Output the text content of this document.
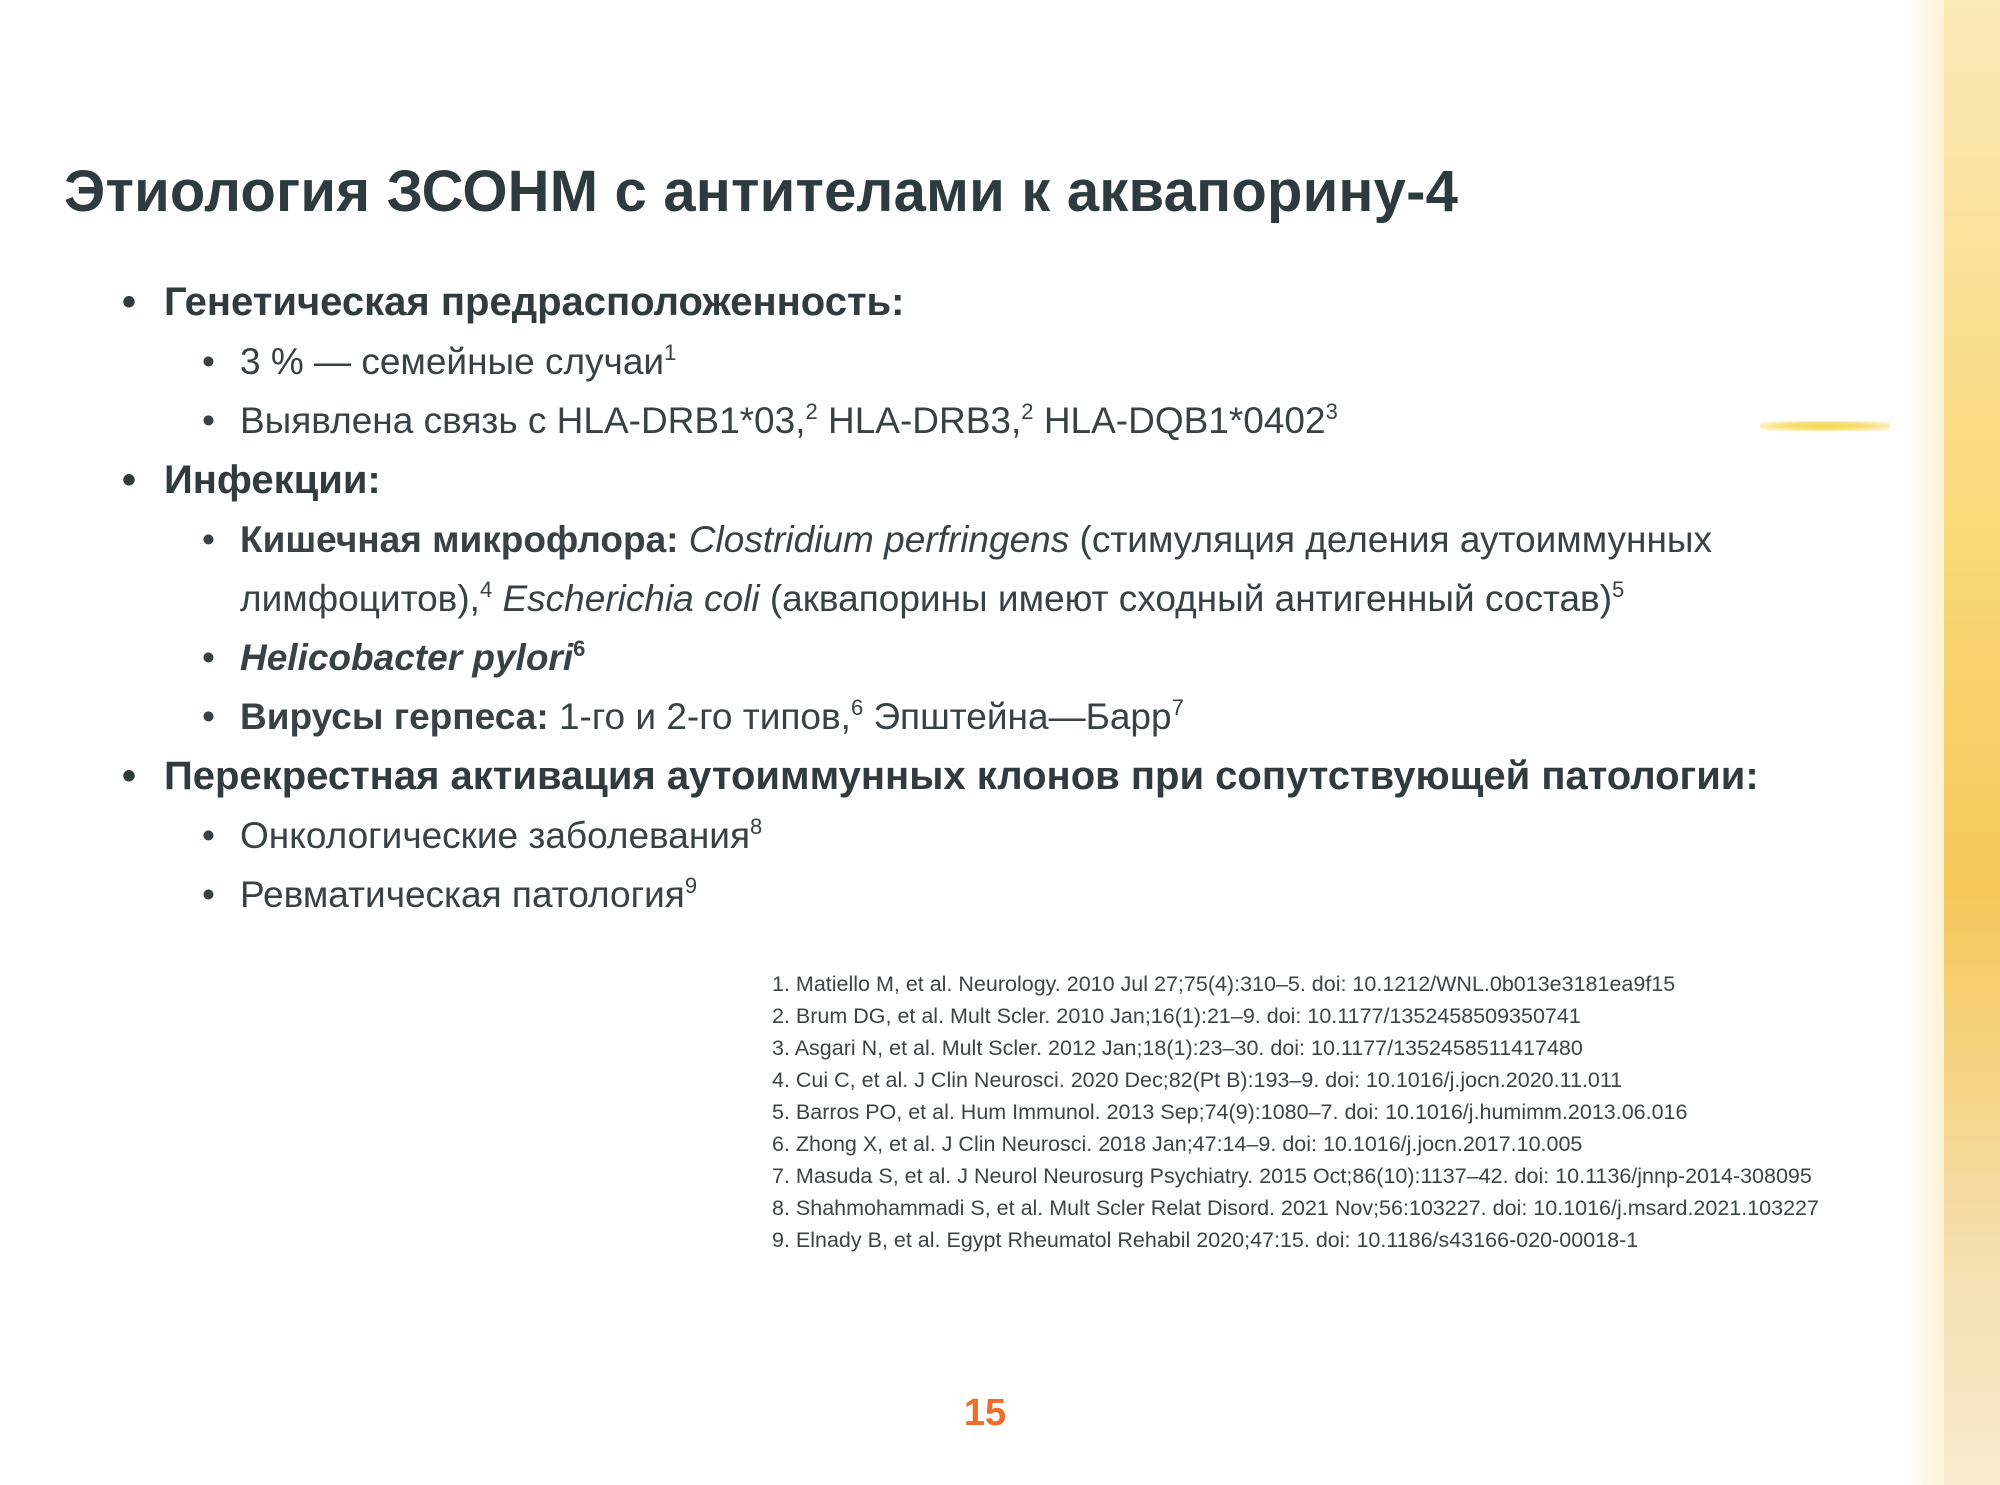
Этиология ЗСОНМ с антителами к аквапорину-4
• Генетическая предрасположенность:
• 3 % — семейные случаи$^1$
• Выявлена связь с HLA-DRB1*03,$^2$ HLA-DRB3,$^2$ HLA-DQB1*0402$^3$
• Инфекции:
• Кишечная микрофлора: Clostridium perfringens (стимуляция деления аутоиммунных
лимфоцитов),$^4$ Escherichia coli (аквапорины имеют сходный антигенный состав)$^5$
• Helicobacter pylori$^6$
• Вирусы герпеса: 1-го и 2-го типов,$^6$ Эпштейна—Барр$^7$
• Перекрестная активация аутоиммунных клонов при сопутствующей патологии:
• Онкологические заболевания$^8$
• Ревматическая патология$^9$
1. Matiello M, et al. Neurology. 2010 Jul 27;75(4):310–5. doi: 10.1212/WNL.0b013e3181ea9f15
2. Brum DG, et al. Mult Scler. 2010 Jan;16(1):21–9. doi: 10.1177/1352458509350741
3. Asgari N, et al. Mult Scler. 2012 Jan;18(1):23–30. doi: 10.1177/1352458511417480
4. Cui C, et al. J Clin Neurosci. 2020 Dec;82(Pt B):193–9. doi: 10.1016/j.jocn.2020.11.011
5. Barros PO, et al. Hum Immunol. 2013 Sep;74(9):1080–7. doi: 10.1016/j.humimm.2013.06.016
6. Zhong X, et al. J Clin Neurosci. 2018 Jan;47:14–9. doi: 10.1016/j.jocn.2017.10.005
7. Masuda S, et al. J Neurol Neurosurg Psychiatry. 2015 Oct;86(10):1137–42. doi: 10.1136/jnnp-2014-308095
8. Shahmohammadi S, et al. Mult Scler Relat Disord. 2021 Nov;56:103227. doi: 10.1016/j.msard.2021.103227
9. Elnady B, et al. Egypt Rheumatol Rehabil 2020;47:15. doi: 10.1186/s43166-020-00018-1
15
